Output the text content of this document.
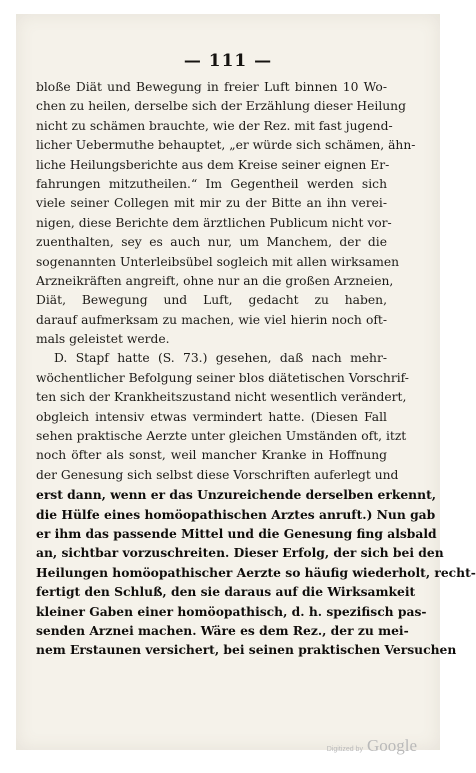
— 111 —
bloße Diät und Bewegung in freier Luft binnen 10 Wo-
chen zu heilen, derselbe sich der Erzählung dieser Heilung
nicht zu schämen brauchte, wie der Rez. mit fast jugend-
licher Uebermuthe behauptet, „er würde sich schämen, ähn-
liche Heilungsberichte aus dem Kreise seiner eignen Er-
fahrungen mitzutheilen.“ Im Gegentheil werden sich
viele seiner Collegen mit mir zu der Bitte an ihn verei-
nigen, diese Berichte dem ärztlichen Publicum nicht vor-
zuenthalten, sey es auch nur, um Manchem, der die
sogenannten Unterleibsübel sogleich mit allen wirksamen
Arzneikräften angreift, ohne nur an die großen Arzneien,
Diät, Bewegung und Luft, gedacht zu haben,
darauf aufmerksam zu machen, wie viel hierin noch oft-
mals geleistet werde.
D. Stapf hatte (S. 73.) gesehen, daß nach mehr-
wöchentlicher Befolgung seiner blos diätetischen Vorschrif-
ten sich der Krankheitszustand nicht wesentlich verändert,
obgleich intensiv etwas vermindert hatte. (Diesen Fall
sehen praktische Aerzte unter gleichen Umständen oft, itzt
noch öfter als sonst, weil mancher Kranke in Hoffnung
der Genesung sich selbst diese Vorschriften auferlegt und
erst dann, wenn er das Unzureichende derselben erkennt,
die Hülfe eines homöopathischen Arztes anruft.) Nun gab
er ihm das passende Mittel und die Genesung fing alsbald
an, sichtbar vorzuschreiten. Dieser Erfolg, der sich bei den
Heilungen homöopathischer Aerzte so häufig wiederholt, recht-
fertigt den Schluß, den sie daraus auf die Wirksamkeit
kleiner Gaben einer homöopathisch, d. h. spezifisch pas-
senden Arznei machen. Wäre es dem Rez., der zu mei-
nem Erstaunen versichert, bei seinen praktischen Versuchen
Digitized by Google
